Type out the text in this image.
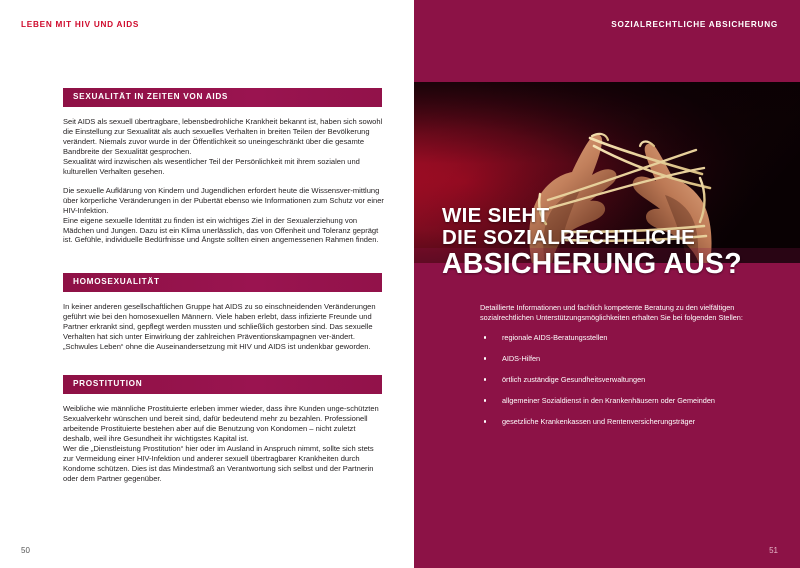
LEBEN MIT HIV UND AIDS
SEXUALITÄT IN ZEITEN VON AIDS

Seit AIDS als sexuell übertragbare, lebensbedrohliche Krankheit bekannt ist, haben sich sowohl die Einstellung zur Sexualität als auch sexuelles Verhalten in breiten Teilen der Bevölkerung verändert. Niemals zuvor wurde in der Öffentlichkeit so uneingeschränkt über die gesamte Bandbreite der Sexualität gesprochen.
Sexualität wird inzwischen als wesentlicher Teil der Persönlichkeit mit ihrem sozialen und kulturellen Verhalten gesehen.

Die sexuelle Aufklärung von Kindern und Jugendlichen erfordert heute die Wissensver-mittlung über körperliche Veränderungen in der Pubertät ebenso wie Informationen zum Schutz vor einer HIV-Infektion.
Eine eigene sexuelle Identität zu finden ist ein wichtiges Ziel in der Sexualerziehung von Mädchen und Jungen. Dazu ist ein Klima unerlässlich, das von Offenheit und Toleranz geprägt ist. Gefühle, individuelle Bedürfnisse und Ängste sollten einen angemessenen Rahmen finden.

HOMOSEXUALITÄT

In keiner anderen gesellschaftlichen Gruppe hat AIDS zu so einschneidenden Veränderungen geführt wie bei den homosexuellen Männern. Viele haben erlebt, dass infizierte Freunde und Partner erkrankt sind, gepflegt werden mussten und schließlich gestorben sind. Das sexuelle Verhalten hat sich unter Einwirkung der zahlreichen Präventionskampagnen ver-ändert. „Schwules Leben“ ohne die Auseinandersetzung mit HIV und AIDS ist undenkbar geworden.

PROSTITUTION

Weibliche wie männliche Prostituierte erleben immer wieder, dass ihre Kunden unge-schützten Sexualverkehr wünschen und bereit sind, dafür bedeutend mehr zu bezahlen. Professionell arbeitende Prostituierte bestehen aber auf die Benutzung von Kondomen – nicht zuletzt deshalb, weil ihre Gesundheit ihr wichtigstes Kapital ist.
Wer die „Dienstleistung Prostitution“ hier oder im Ausland in Anspruch nimmt, sollte sich stets zur Vermeidung einer HIV-Infektion und anderer sexuell übertragbarer Krankheiten durch Kondome schützen. Dies ist das Mindestmaß an Verantwortung sich selbst und der Partnerin oder dem Partner gegenüber.

50
SOZIALRECHTLICHE ABSICHERUNG
WIE SIEHT
DIE SOZIALRECHTLICHE
ABSICHERUNG AUS?
Detaillierte Informationen und fachlich kompetente Beratung zu den vielfältigen sozialrechtlichen Unterstützungsmöglichkeiten erhalten Sie bei folgenden Stellen:
regionale AIDS-Beratungsstellen
AIDS-Hilfen
örtlich zuständige Gesundheitsverwaltungen
allgemeiner Sozialdienst in den Krankenhäusern oder Gemeinden
gesetzliche Krankenkassen und Rentenversicherungsträger
51
